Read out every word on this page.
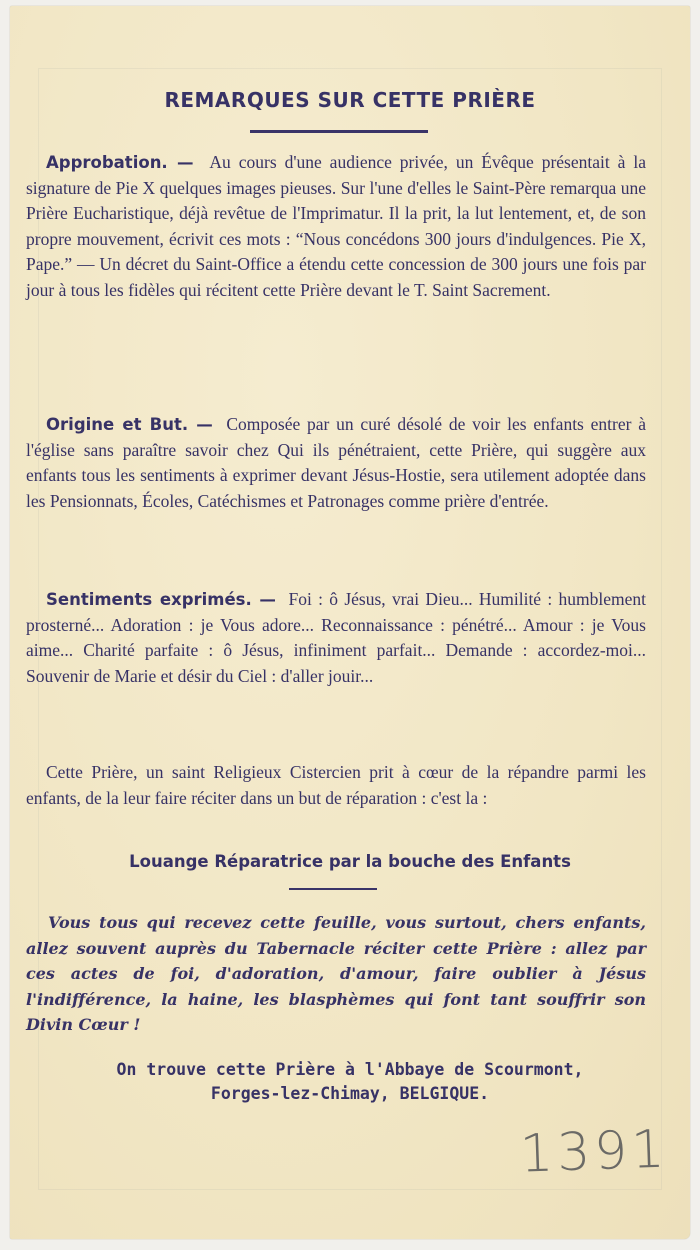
REMARQUES SUR CETTE PRIÈRE

Approbation. — Au cours d'une audience privée, un Évêque présentait à la signature de Pie X quelques images pieuses. Sur l'une d'elles le Saint-Père remarqua une Prière Eucharistique, déjà revêtue de l'Imprimatur. Il la prit, la lut lentement, et, de son propre mouvement, écrivit ces mots : “Nous concédons 300 jours d'indulgences. Pie X, Pape.” — Un décret du Saint-Office a étendu cette concession de 300 jours une fois par jour à tous les fidèles qui récitent cette Prière devant le T. Saint Sacrement.

Origine et But. — Composée par un curé désolé de voir les enfants entrer à l'église sans paraître savoir chez Qui ils pénétraient, cette Prière, qui suggère aux enfants tous les sentiments à exprimer devant Jésus-Hostie, sera utilement adoptée dans les Pensionnats, Écoles, Catéchismes et Patronages comme prière d'entrée.

Sentiments exprimés. — Foi : ô Jésus, vrai Dieu... Humilité : humblement prosterné... Adoration : je Vous adore... Reconnaissance : pénétré... Amour : je Vous aime... Charité parfaite : ô Jésus, infiniment parfait... Demande : accordez-moi... Souvenir de Marie et désir du Ciel : d'aller jouir...

Cette Prière, un saint Religieux Cistercien prit à cœur de la répandre parmi les enfants, de la leur faire réciter dans un but de réparation : c'est la :

Louange Réparatrice par la bouche des Enfants
Vous tous qui recevez cette feuille, vous surtout, chers enfants, allez souvent auprès du Tabernacle réciter cette Prière : allez par ces actes de foi, d'adoration, d'amour, faire oublier à Jésus l'indifférence, la haine, les blasphèmes qui font tant souffrir son Divin Cœur !
On trouve cette Prière à l'Abbaye de Scourmont,
Forges-lez-Chimay, BELGIQUE.
1391
